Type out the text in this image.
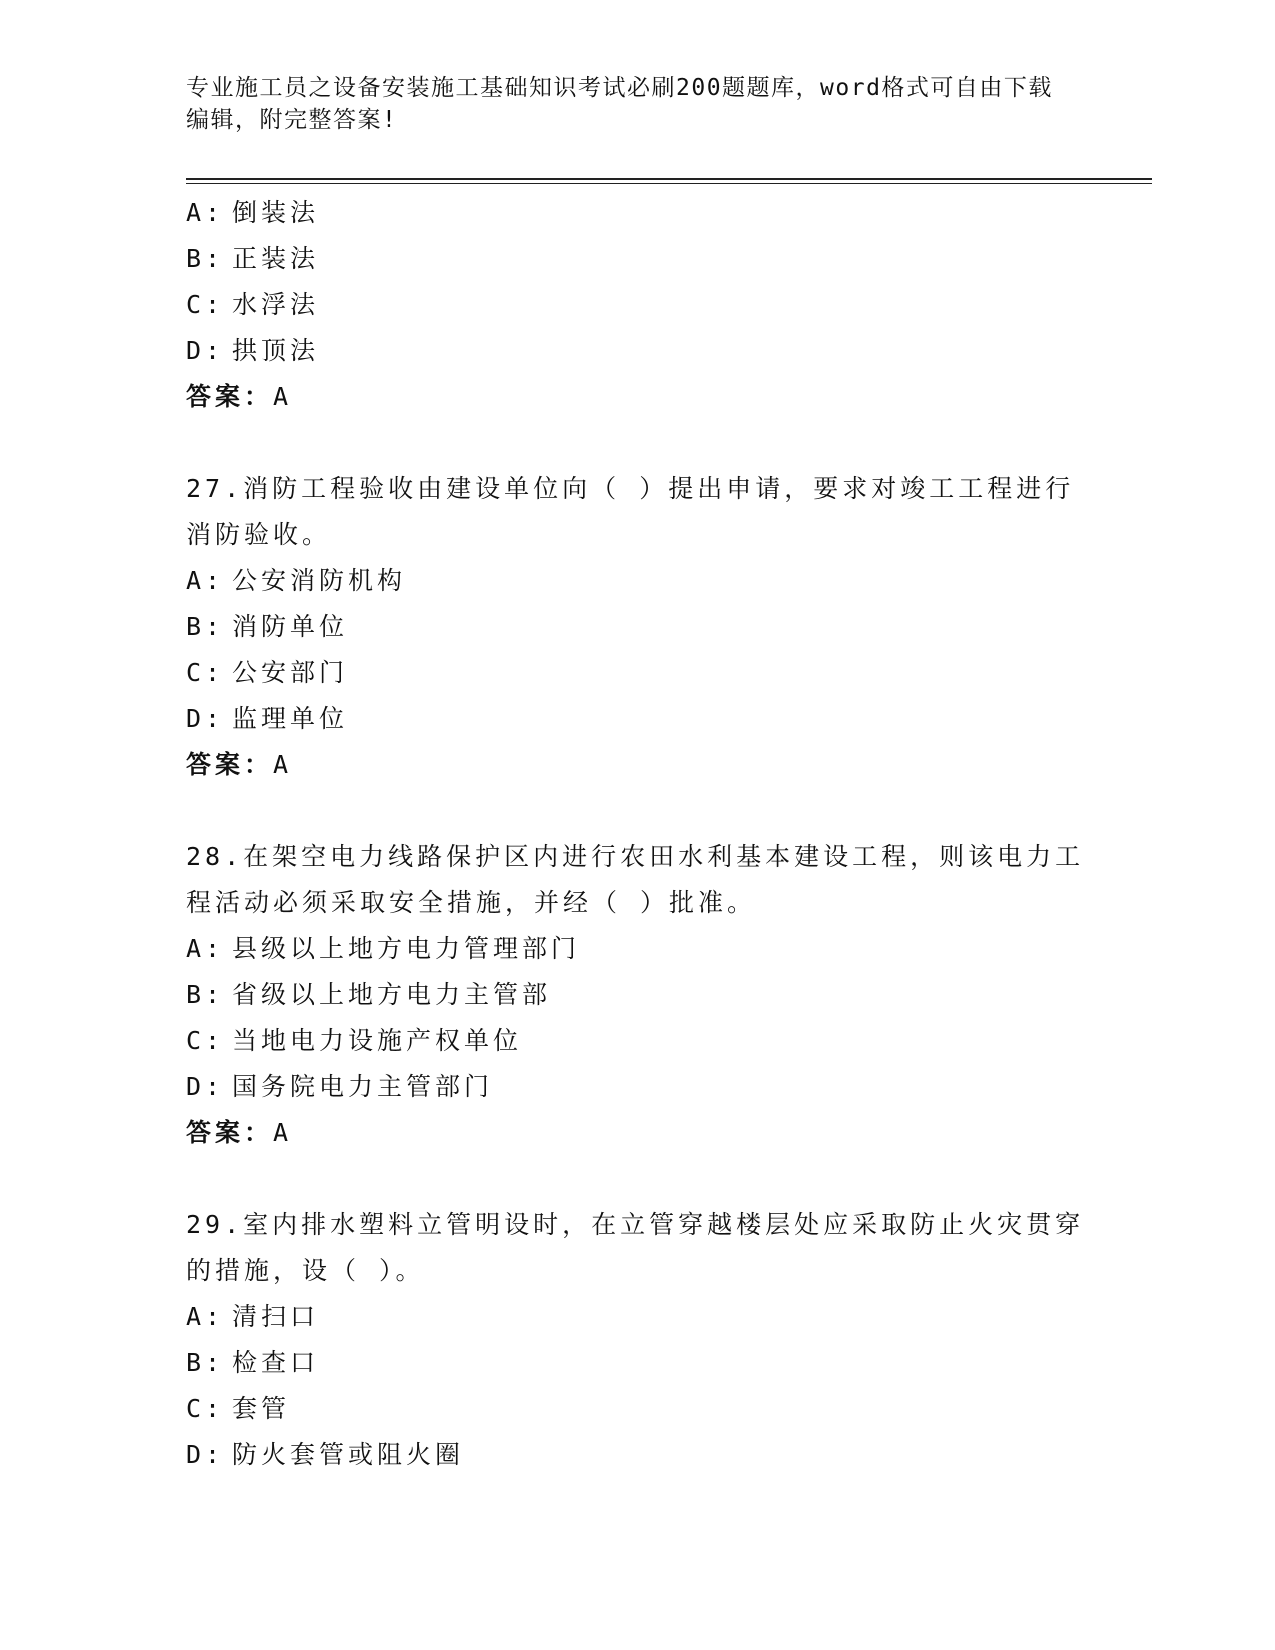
专业施工员之设备安装施工基础知识考试必刷200题题库，word格式可自由下载
编辑，附完整答案!
A: 倒装法
B: 正装法
C: 水浮法
D: 拱顶法
答案：A
27.消防工程验收由建设单位向（ ）提出申请，要求对竣工工程进行
消防验收。
A: 公安消防机构
B: 消防单位
C: 公安部门
D: 监理单位
答案：A
28.在架空电力线路保护区内进行农田水利基本建设工程，则该电力工
程活动必须采取安全措施，并经（ ）批准。
A: 县级以上地方电力管理部门
B: 省级以上地方电力主管部
C: 当地电力设施产权单位
D: 国务院电力主管部门
答案：A
29.室内排水塑料立管明设时，在立管穿越楼层处应采取防止火灾贯穿
的措施，设（ ）。
A: 清扫口
B: 检查口
C: 套管
D: 防火套管或阻火圈
